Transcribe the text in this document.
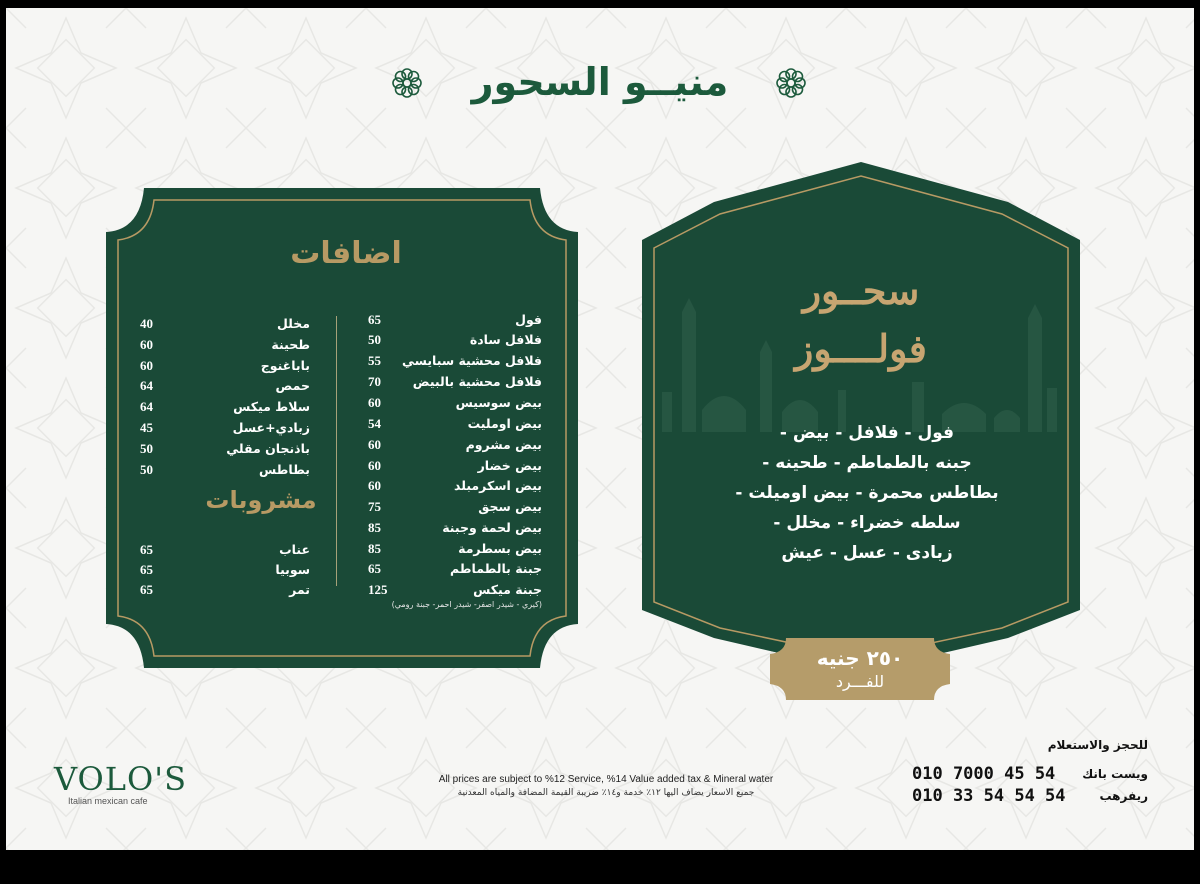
منيــو السحور
اضافات
فول
65
فلافل سادة
50
فلافل محشية سبايسي
55
فلافل محشية بالبيض
70
بيض سوسيس
60
بيض اومليت
54
بيض مشروم
60
بيض خضار
60
بيض اسكرمبلد
60
بيض سجق
75
بيض لحمة وجبنة
85
بيض بسطرمة
85
جبنة بالطماطم
65
جبنة ميكس
125
(كيري - شيدر اصفر- شيدر احمر- جبنة رومي)
مخلل
40
طحينة
60
باباغنوج
60
حمص
64
سلاط ميكس
64
زبادي+عسل
45
باذنجان مقلي
50
بطاطس
50
مشروبات
عناب
65
سوبيا
65
تمر
65
سحــور
فولــــوز
فول - فلافل - بيض -
جبنه بالطماطم - طحينه -
بطاطس محمرة - بيض اوميلت -
سلطه خضراء - مخلل -
زبادى - عسل - عيش
٢٥٠ جنيه
للفـــرد
VOLO'S
Italian mexican cafe
All prices are subject to %12 Service, %14 Value added tax & Mineral water
جميع الاسعار يضاف اليها ١٢٪ خدمة و١٤٪ ضريبة القيمة المضافة والمياه المعدنية
للحجز والاستعلام
010 7000 45 54 ويست بانك
010 33 54 54 54	ريفرهب
